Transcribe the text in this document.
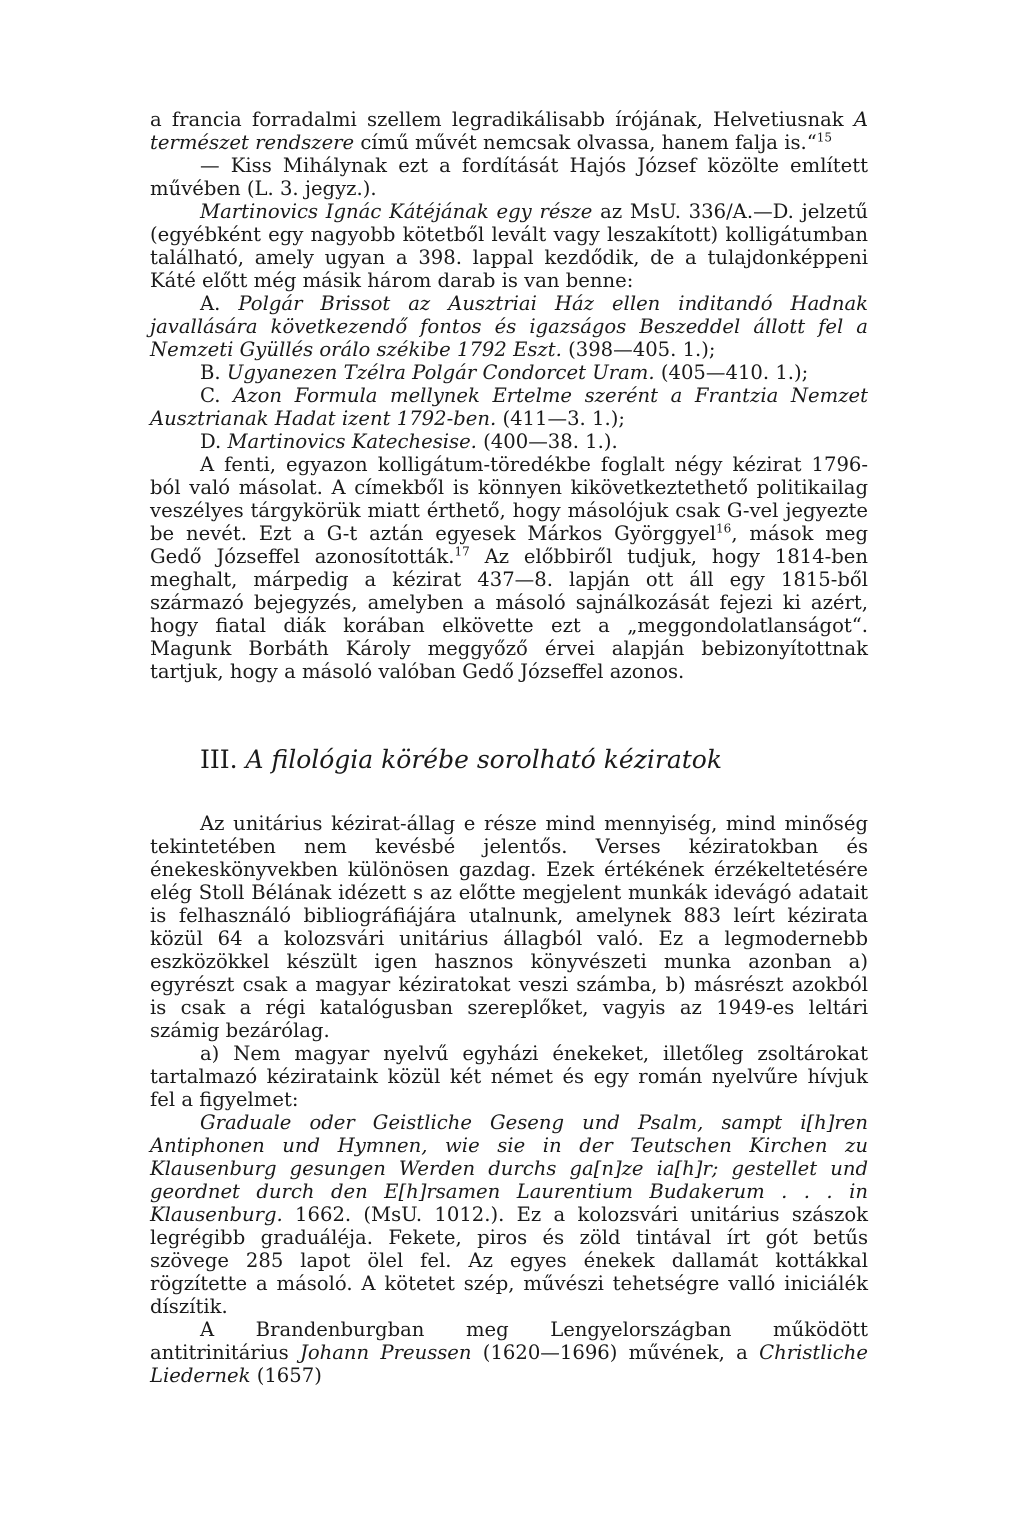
a francia forradalmi szellem legradikálisabb írójának, Helvetiusnak A természet rendszere című művét nemcsak olvassa, hanem falja is.“$^{15}$

— Kiss Mihálynak ezt a fordítását Hajós József közölte említett művében (L. 3. jegyz.).

Martinovics Ignác Kátéjának egy része az MsU. 336/A.—D. jelzetű (egyébként egy nagyobb kötetből levált vagy leszakított) kolligátumban található, amely ugyan a 398. lappal kezdődik, de a tulajdonképpeni Káté előtt még másik három darab is van benne:

A. Polgár Brissot az Ausztriai Ház ellen inditandó Hadnak javallására következendő fontos és igazságos Beszeddel állott fel a Nemzeti Gyüllés orálo székibe 1792 Eszt. (398—405. 1.);

B. Ugyanezen Tzélra Polgár Condorcet Uram. (405—410. 1.);

C. Azon Formula mellynek Ertelme szerént a Frantzia Nemzet Ausztrianak Hadat izent 1792-ben. (411—3. 1.);

D. Martinovics Katechesise. (400—38. 1.).

A fenti, egyazon kolligátum-töredékbe foglalt négy kézirat 1796-ból való másolat. A címekből is könnyen kikövetkeztethető politikailag veszélyes tárgykörük miatt érthető, hogy másolójuk csak G-vel jegyezte be nevét. Ezt a G-t aztán egyesek Márkos Györggyel$^{16}$, mások meg Gedő Józseffel azonosították.$^{17}$ Az előbbiről tudjuk, hogy 1814-ben meghalt, márpedig a kézirat 437—8. lapján ott áll egy 1815-ből származó bejegyzés, amelyben a másoló sajnálkozását fejezi ki azért, hogy fiatal diák korában elkövette ezt a „meggondolatlanságot“. Magunk Borbáth Károly meggyőző érvei alapján bebizonyítottnak tartjuk, hogy a másoló valóban Gedő Józseffel azonos.

III. A filológia körébe sorolható kéziratok

Az unitárius kézirat-állag e része mind mennyiség, mind minőség tekintetében nem kevésbé jelentős. Verses kéziratokban és énekeskönyvekben különösen gazdag. Ezek értékének érzékeltetésére elég Stoll Bélának idézett s az előtte megjelent munkák idevágó adatait is felhasználó bibliográfiájára utalnunk, amelynek 883 leírt kézirata közül 64 a kolozsvári unitárius állagból való. Ez a legmodernebb eszközökkel készült igen hasznos könyvészeti munka azonban a) egyrészt csak a magyar kéziratokat veszi számba, b) másrészt azokból is csak a régi katalógusban szereplőket, vagyis az 1949-es leltári számig bezárólag.

a) Nem magyar nyelvű egyházi énekeket, illetőleg zsoltárokat tartalmazó kézirataink közül két német és egy román nyelvűre hívjuk fel a figyelmet:

Graduale oder Geistliche Geseng und Psalm, sampt i[h]ren Antiphonen und Hymnen, wie sie in der Teutschen Kirchen zu Klausenburg gesungen Werden durchs ga[n]ze ia[h]r; gestellet und geordnet durch den E[h]rsamen Laurentium Budakerum . . . in Klausenburg. 1662. (MsU. 1012.). Ez a kolozsvári unitárius szászok legrégibb graduáléja. Fekete, piros és zöld tintával írt gót betűs szövege 285 lapot ölel fel. Az egyes énekek dallamát kottákkal rögzítette a másoló. A kötetet szép, művészi tehetségre valló iniciálék díszítik.

A Brandenburgban meg Lengyelországban működött antitrinitárius Johann Preussen (1620—1696) művének, a Christliche Liedernek (1657)
